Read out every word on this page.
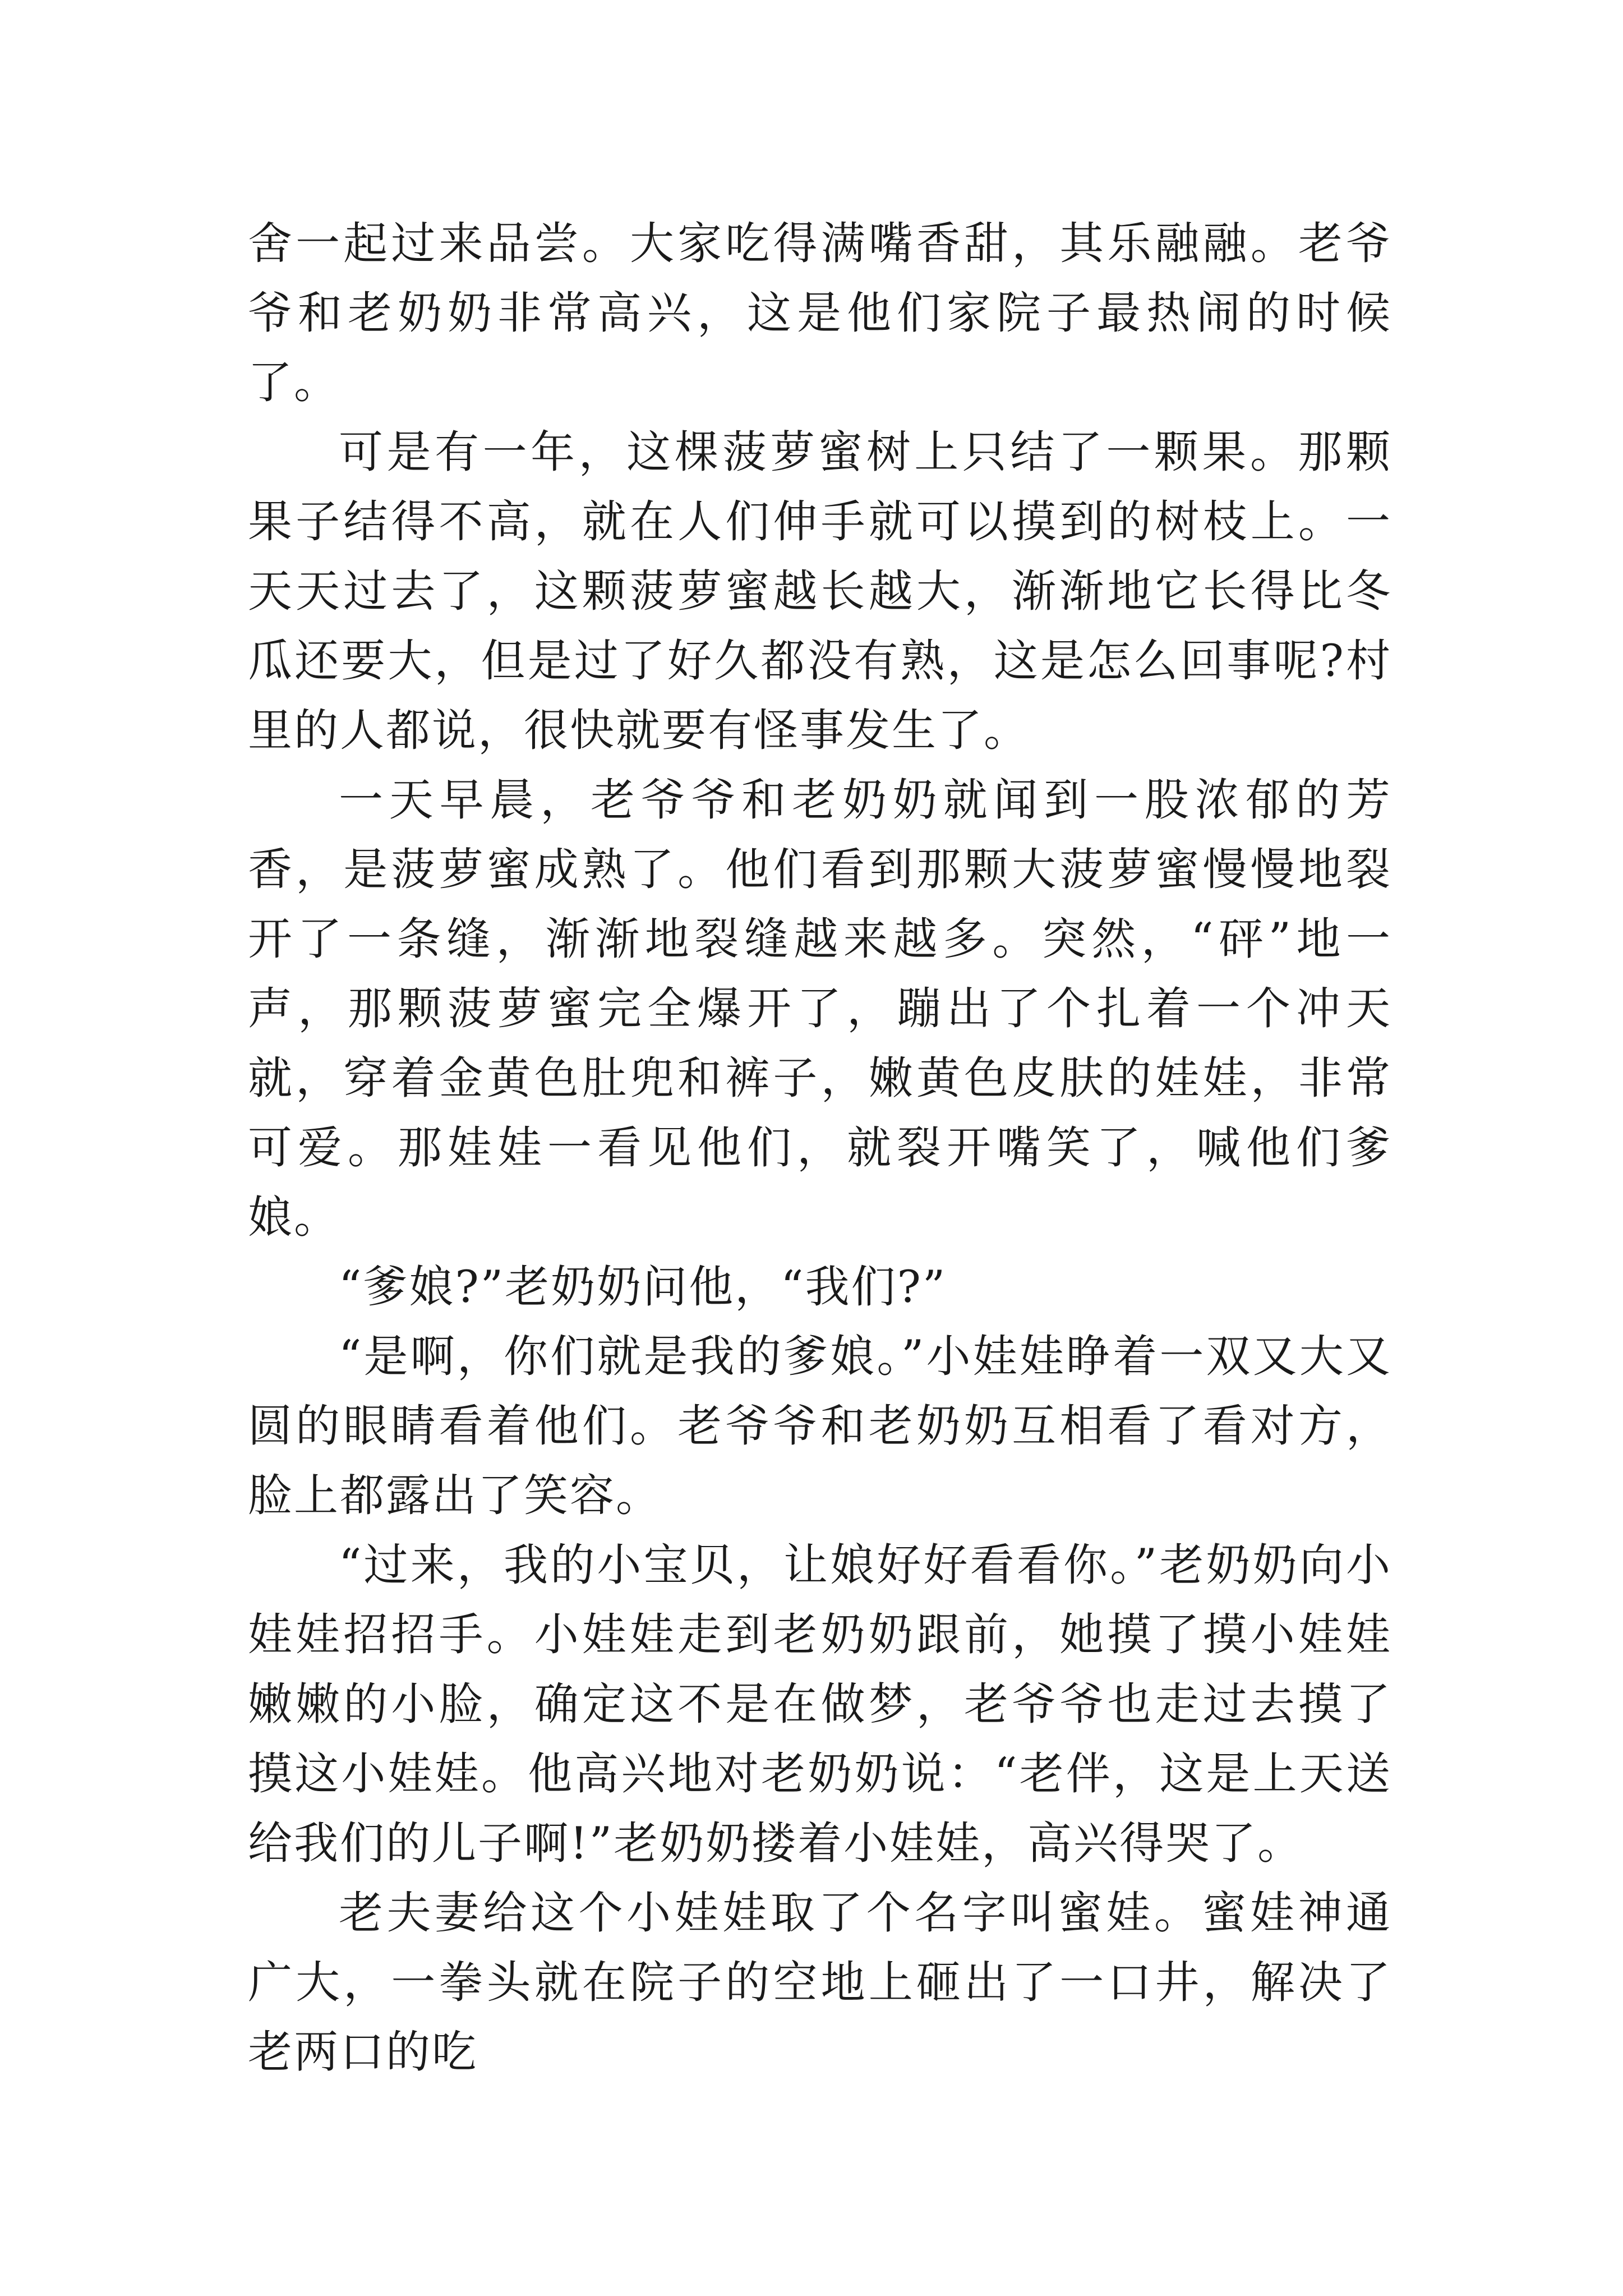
舍一起过来品尝。大家吃得满嘴香甜，其乐融融。老爷爷和老奶奶非常高兴，这是他们家院子最热闹的时候了。

可是有一年，这棵菠萝蜜树上只结了一颗果。那颗果子结得不高，就在人们伸手就可以摸到的树枝上。一天天过去了，这颗菠萝蜜越长越大，渐渐地它长得比冬瓜还要大，但是过了好久都没有熟，这是怎么回事呢?村里的人都说，很快就要有怪事发生了。

一天早晨，老爷爷和老奶奶就闻到一股浓郁的芳香，是菠萝蜜成熟了。他们看到那颗大菠萝蜜慢慢地裂开了一条缝，渐渐地裂缝越来越多。突然，“砰”地一声，那颗菠萝蜜完全爆开了，蹦出了个扎着一个冲天就，穿着金黄色肚兜和裤子，嫩黄色皮肤的娃娃，非常可爱。那娃娃一看见他们，就裂开嘴笑了，喊他们爹娘。

“爹娘?”老奶奶问他，“我们?”

“是啊，你们就是我的爹娘。”小娃娃睁着一双又大又圆的眼睛看着他们。老爷爷和老奶奶互相看了看对方，脸上都露出了笑容。

“过来，我的小宝贝，让娘好好看看你。”老奶奶向小娃娃招招手。小娃娃走到老奶奶跟前，她摸了摸小娃娃嫩嫩的小脸，确定这不是在做梦，老爷爷也走过去摸了摸这小娃娃。他高兴地对老奶奶说：“老伴，这是上天送给我们的儿子啊!”老奶奶搂着小娃娃，高兴得哭了。

老夫妻给这个小娃娃取了个名字叫蜜娃。蜜娃神通广大，一拳头就在院子的空地上砸出了一口井，解决了老两口的吃
